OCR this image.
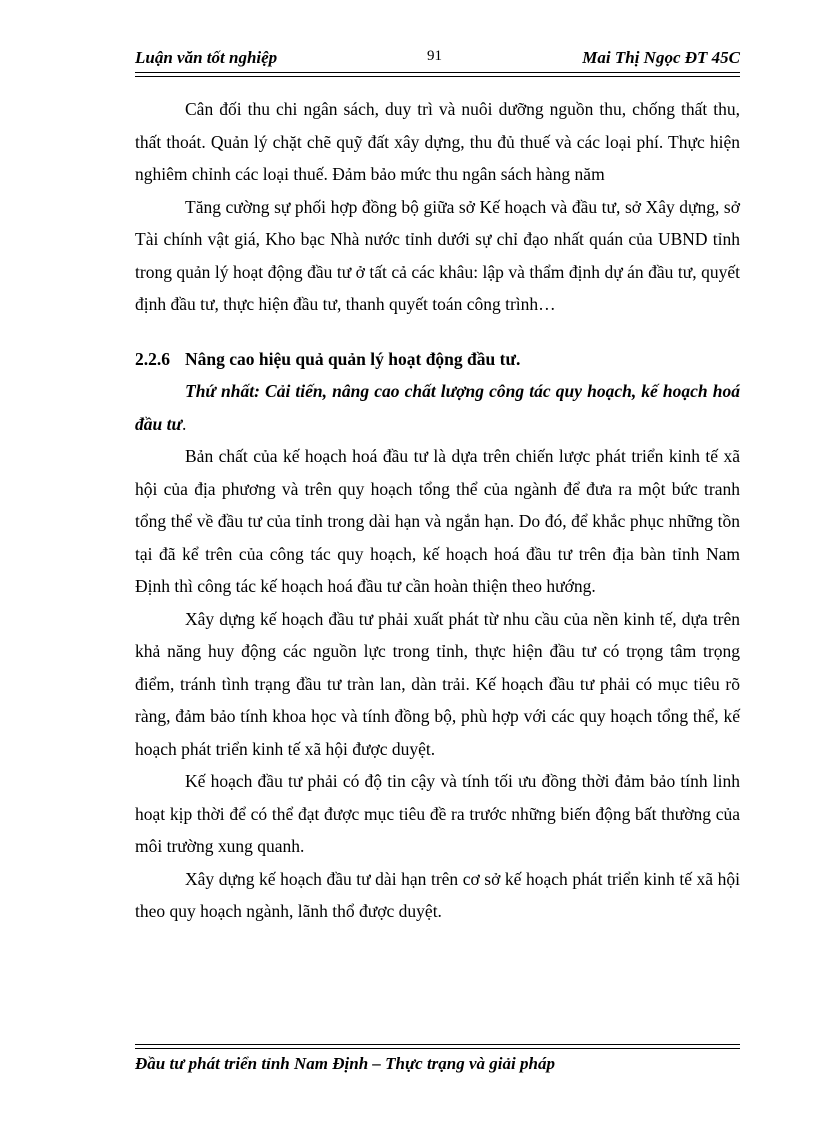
Luận văn tốt nghiệp	91	Mai Thị Ngọc ĐT 45C

Cân đối thu chi ngân sách, duy trì và nuôi dưỡng nguồn thu, chống thất thu, thất thoát. Quản lý chặt chẽ quỹ đất xây dựng, thu đủ thuế và các loại phí. Thực hiện nghiêm chỉnh các loại thuế. Đảm bảo mức thu ngân sách hàng năm

Tăng cường sự phối hợp đồng bộ giữa sở Kế hoạch và đầu tư, sở Xây dựng, sở Tài chính vật giá, Kho bạc Nhà nước tỉnh dưới sự chỉ đạo nhất quán của UBND tỉnh trong quản lý hoạt động đầu tư ở tất cả các khâu: lập và thẩm định dự án đầu tư, quyết định đầu tư, thực hiện đầu tư, thanh quyết toán công trình…

2.2.6 Nâng cao hiệu quả quản lý hoạt động đầu tư.

Thứ nhất: Cải tiến, nâng cao chất lượng công tác quy hoạch, kế hoạch hoá đầu tư.

Bản chất của kế hoạch hoá đầu tư là dựa trên chiến lược phát triển kinh tế xã hội của địa phương và trên quy hoạch tổng thể của ngành để đưa ra một bức tranh tổng thể về đầu tư của tỉnh trong dài hạn và ngắn hạn. Do đó, để khắc phục những tồn tại đã kể trên của công tác quy hoạch, kế hoạch hoá đầu tư trên địa bàn tỉnh Nam Định thì công tác kế hoạch hoá đầu tư cần hoàn thiện theo hướng.

Xây dựng kế hoạch đầu tư phải xuất phát từ nhu cầu của nền kinh tế, dựa trên khả năng huy động các nguồn lực trong tỉnh, thực hiện đầu tư có trọng tâm trọng điểm, tránh tình trạng đầu tư tràn lan, dàn trải. Kế hoạch đầu tư phải có mục tiêu rõ ràng, đảm bảo tính khoa học và tính đồng bộ, phù hợp với các quy hoạch tổng thể, kế hoạch phát triển kinh tế xã hội được duyệt.

Kế hoạch đầu tư phải có độ tin cậy và tính tối ưu đồng thời đảm bảo tính linh hoạt kịp thời để có thể đạt được mục tiêu đề ra trước những biến động bất thường của môi trường xung quanh.

Xây dựng kế hoạch đầu tư dài hạn trên cơ sở kế hoạch phát triển kinh tế xã hội theo quy hoạch ngành, lãnh thổ được duyệt.

Đầu tư phát triển tỉnh Nam Định – Thực trạng và giải pháp
